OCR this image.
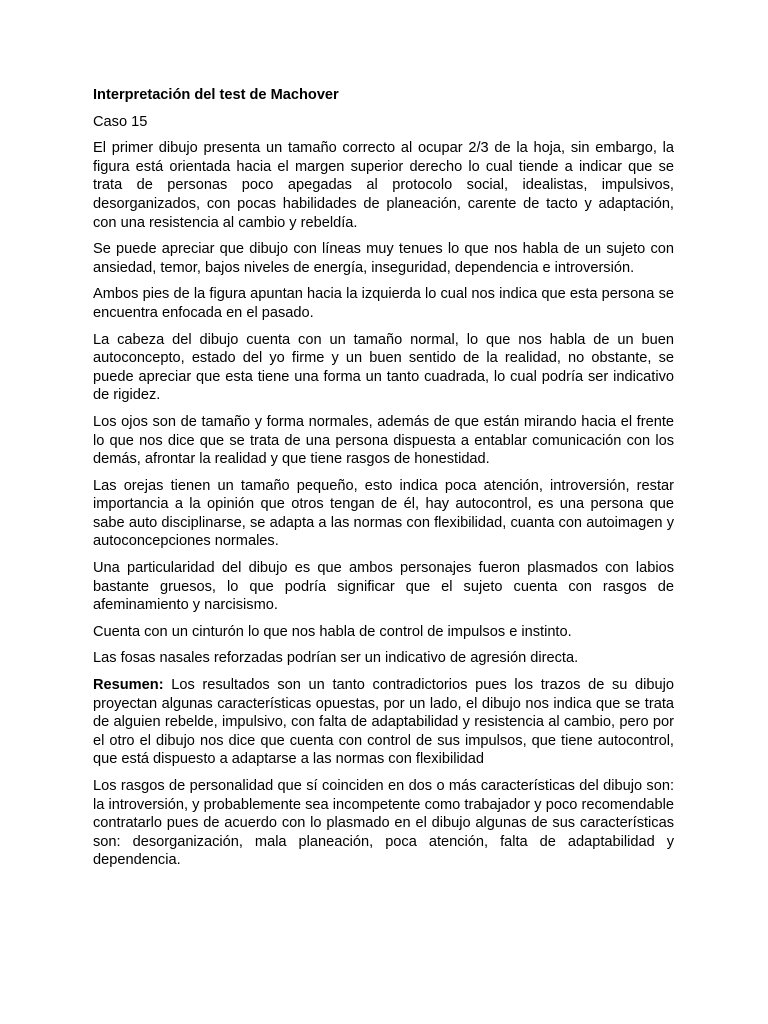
Interpretación del test de Machover

Caso 15

El primer dibujo presenta un tamaño correcto al ocupar 2/3 de la hoja, sin embargo, la figura está orientada hacia el margen superior derecho lo cual tiende a indicar que se trata de personas poco apegadas al protocolo social, idealistas, impulsivos, desorganizados, con pocas habilidades de planeación, carente de tacto y adaptación, con una resistencia al cambio y rebeldía.

Se puede apreciar que dibujo con líneas muy tenues lo que nos habla de un sujeto con ansiedad, temor, bajos niveles de energía, inseguridad, dependencia e introversión.

Ambos pies de la figura apuntan hacia la izquierda lo cual nos indica que esta persona se encuentra enfocada en el pasado.

La cabeza del dibujo cuenta con un tamaño normal, lo que nos habla de un buen autoconcepto, estado del yo firme y un buen sentido de la realidad, no obstante, se puede apreciar que esta tiene una forma un tanto cuadrada, lo cual podría ser indicativo de rigidez.

Los ojos son de tamaño y forma normales, además de que están mirando hacia el frente lo que nos dice que se trata de una persona dispuesta a entablar comunicación con los demás, afrontar la realidad y que tiene rasgos de honestidad.

Las orejas tienen un tamaño pequeño, esto indica poca atención, introversión, restar importancia a la opinión que otros tengan de él, hay autocontrol, es una persona que sabe auto disciplinarse, se adapta a las normas con flexibilidad, cuanta con autoimagen y autoconcepciones normales.

Una particularidad del dibujo es que ambos personajes fueron plasmados con labios bastante gruesos, lo que podría significar que el sujeto cuenta con rasgos de afeminamiento y narcisismo.

Cuenta con un cinturón lo que nos habla de control de impulsos e instinto.

Las fosas nasales reforzadas podrían ser un indicativo de agresión directa.

Resumen: Los resultados son un tanto contradictorios pues los trazos de su dibujo proyectan algunas características opuestas, por un lado, el dibujo nos indica que se trata de alguien rebelde, impulsivo, con falta de adaptabilidad y resistencia al cambio, pero por el otro el dibujo nos dice que cuenta con control de sus impulsos, que tiene autocontrol, que está dispuesto a adaptarse a las normas con flexibilidad

Los rasgos de personalidad que sí coinciden en dos o más características del dibujo son: la introversión, y probablemente sea incompetente como trabajador y poco recomendable contratarlo pues de acuerdo con lo plasmado en el dibujo algunas de sus características son: desorganización, mala planeación, poca atención, falta de adaptabilidad y dependencia.
